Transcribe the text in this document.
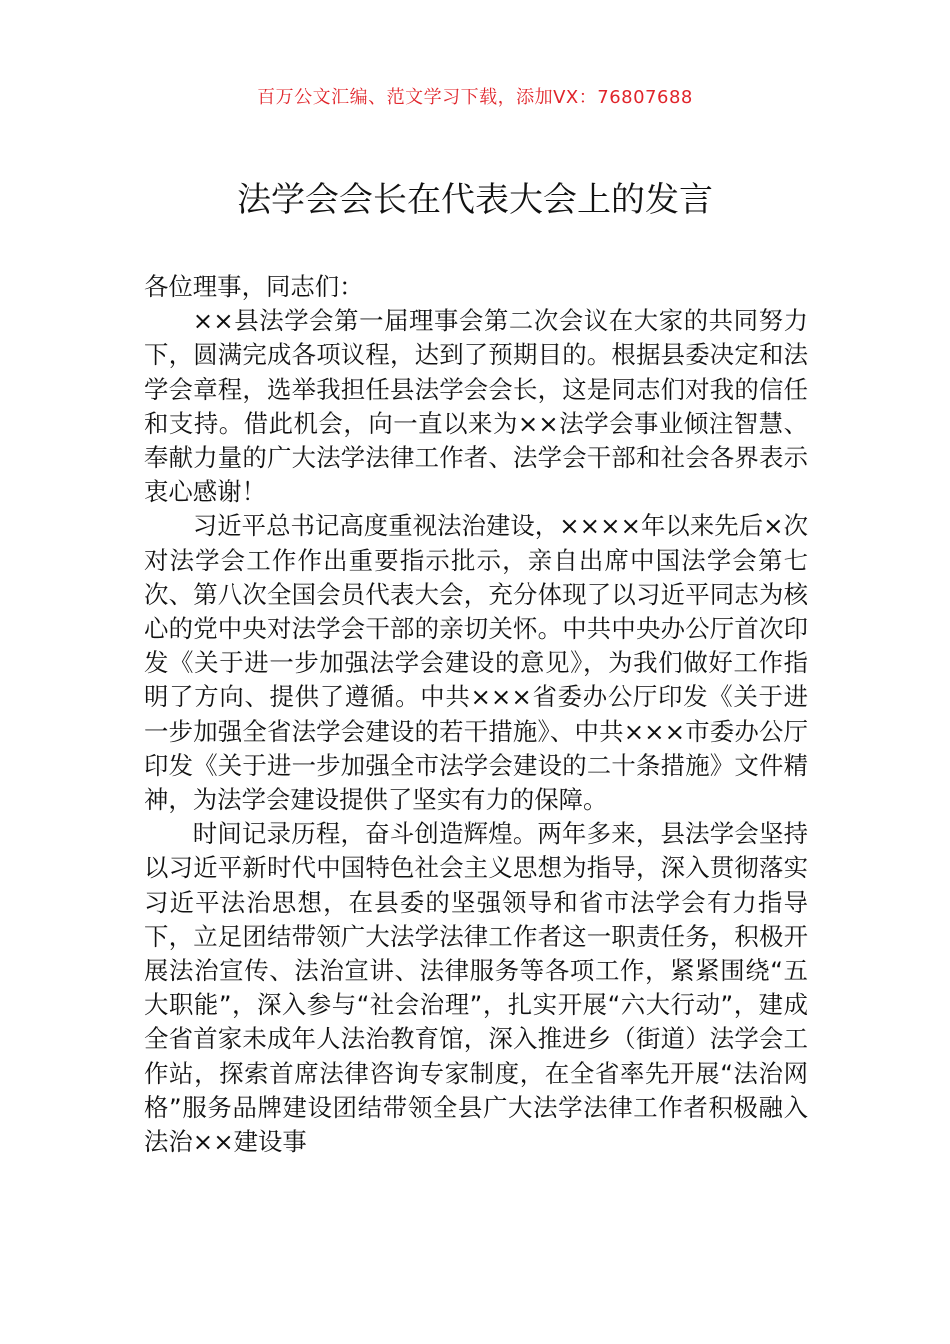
百万公文汇编、范文学习下载，添加VX：76807688
法学会会长在代表大会上的发言

各位理事，同志们：

××县法学会第一届理事会第二次会议在大家的共同努力下，圆满完成各项议程，达到了预期目的。根据县委决定和法学会章程，选举我担任县法学会会长，这是同志们对我的信任和支持。借此机会，向一直以来为××法学会事业倾注智慧、奉献力量的广大法学法律工作者、法学会干部和社会各界表示衷心感谢！

习近平总书记高度重视法治建设，××××年以来先后×次对法学会工作作出重要指示批示，亲自出席中国法学会第七次、第八次全国会员代表大会，充分体现了以习近平同志为核心的党中央对法学会干部的亲切关怀。中共中央办公厅首次印发《关于进一步加强法学会建设的意见》，为我们做好工作指明了方向、提供了遵循。中共×××省委办公厅印发《关于进一步加强全省法学会建设的若干措施》、中共×××市委办公厅印发《关于进一步加强全市法学会建设的二十条措施》文件精神，为法学会建设提供了坚实有力的保障。

时间记录历程，奋斗创造辉煌。两年多来，县法学会坚持以习近平新时代中国特色社会主义思想为指导，深入贯彻落实习近平法治思想，在县委的坚强领导和省市法学会有力指导下，立足团结带领广大法学法律工作者这一职责任务，积极开展法治宣传、法治宣讲、法律服务等各项工作，紧紧围绕“五大职能”，深入参与“社会治理”，扎实开展“六大行动”，建成全省首家未成年人法治教育馆，深入推进乡（街道）法学会工作站，探索首席法律咨询专家制度，在全省率先开展“法治网格”服务品牌建设团结带领全县广大法学法律工作者积极融入法治××建设事
